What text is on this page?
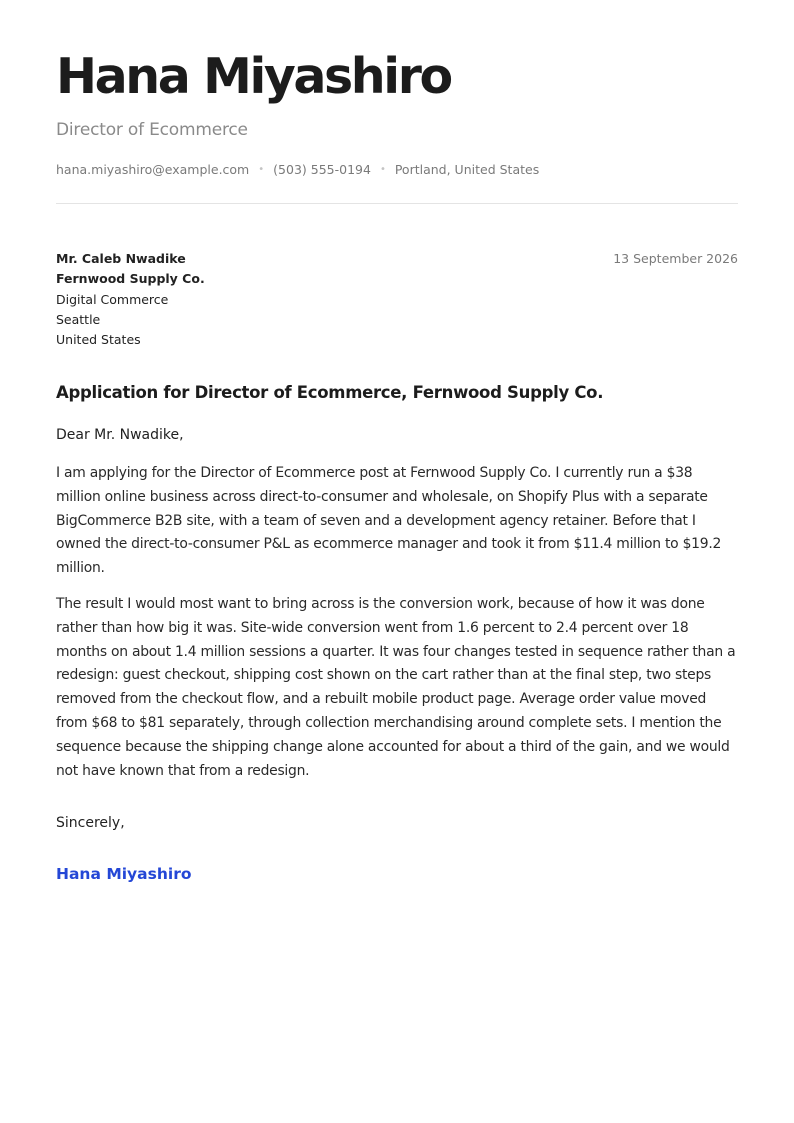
Hana Miyashiro

Director of Ecommerce

hana.miyashiro@example.com • (503) 555-0194 • Portland, United States
Mr. Caleb Nwadike
Fernwood Supply Co.
Digital Commerce
Seattle
United States
13 September 2026
Application for Director of Ecommerce, Fernwood Supply Co.

Dear Mr. Nwadike,

I am applying for the Director of Ecommerce post at Fernwood Supply Co. I currently run a $38 million online business across direct-to-consumer and wholesale, on Shopify Plus with a separate BigCommerce B2B site, with a team of seven and a development agency retainer. Before that I owned the direct-to-consumer P&L as ecommerce manager and took it from $11.4 million to $19.2 million.

The result I would most want to bring across is the conversion work, because of how it was done rather than how big it was. Site-wide conversion went from 1.6 percent to 2.4 percent over 18 months on about 1.4 million sessions a quarter. It was four changes tested in sequence rather than a redesign: guest checkout, shipping cost shown on the cart rather than at the final step, two steps removed from the checkout flow, and a rebuilt mobile product page. Average order value moved from $68 to $81 separately, through collection merchandising around complete sets. I mention the sequence because the shipping change alone accounted for about a third of the gain, and we would not have known that from a redesign.

Sincerely,

Hana Miyashiro
